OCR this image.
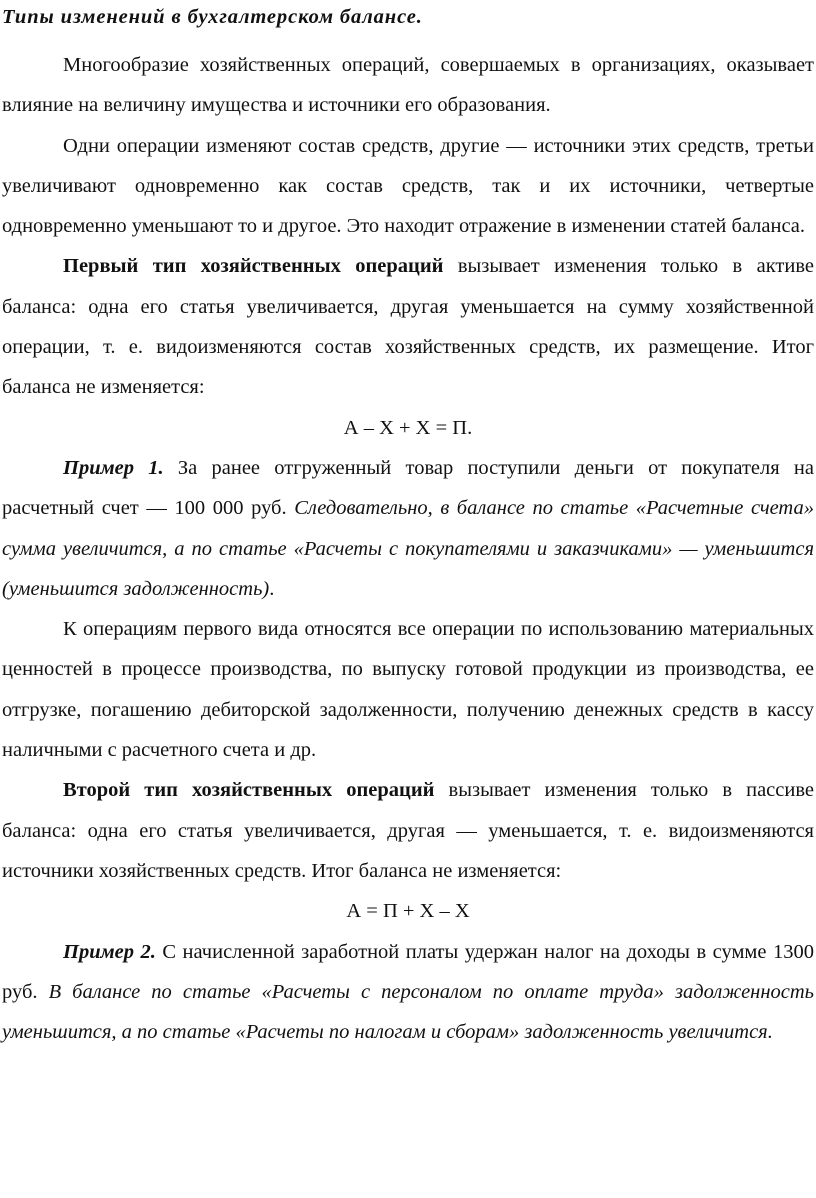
Типы изменений в бухгалтерском балансе.

Многообразие хозяйственных операций, совершаемых в организациях, оказывает влияние на величину имущества и источники его образования.

Одни операции изменяют состав средств, другие — источники этих средств, третьи увеличивают одновременно как состав средств, так и их источники, четвертые одновременно уменьшают то и другое. Это находит отражение в изменении статей баланса.

Первый тип хозяйственных операций вызывает изменения только в активе баланса: одна его статья увеличивается, другая уменьшается на сумму хозяйственной операции, т. е. видоизменяются состав хозяйственных средств, их размещение. Итог баланса не изменяется:

А – Х + Х = П.

Пример 1. За ранее отгруженный товар поступили деньги от покупателя на расчетный счет — 100 000 руб. Следовательно, в балансе по статье «Расчетные счета» сумма увеличится, а по статье «Расчеты с покупателями и заказчиками» — уменьшится (уменьшится задолженность).

К операциям первого вида относятся все операции по использованию материальных ценностей в процессе производства, по выпуску готовой продукции из производства, ее отгрузке, погашению дебиторской задолженности, получению денежных средств в кассу наличными с расчетного счета и др.

Второй тип хозяйственных операций вызывает изменения только в пассиве баланса: одна его статья увеличивается, другая — уменьшается, т. е. видоизменяются источники хозяйственных средств. Итог баланса не изменяется:

А = П + Х – Х

Пример 2. С начисленной заработной платы удержан налог на доходы в сумме 1300 руб. В балансе по статье «Расчеты с персоналом по оплате труда» задолженность уменьшится, а по статье «Расчеты по налогам и сборам» задолженность увеличится.
